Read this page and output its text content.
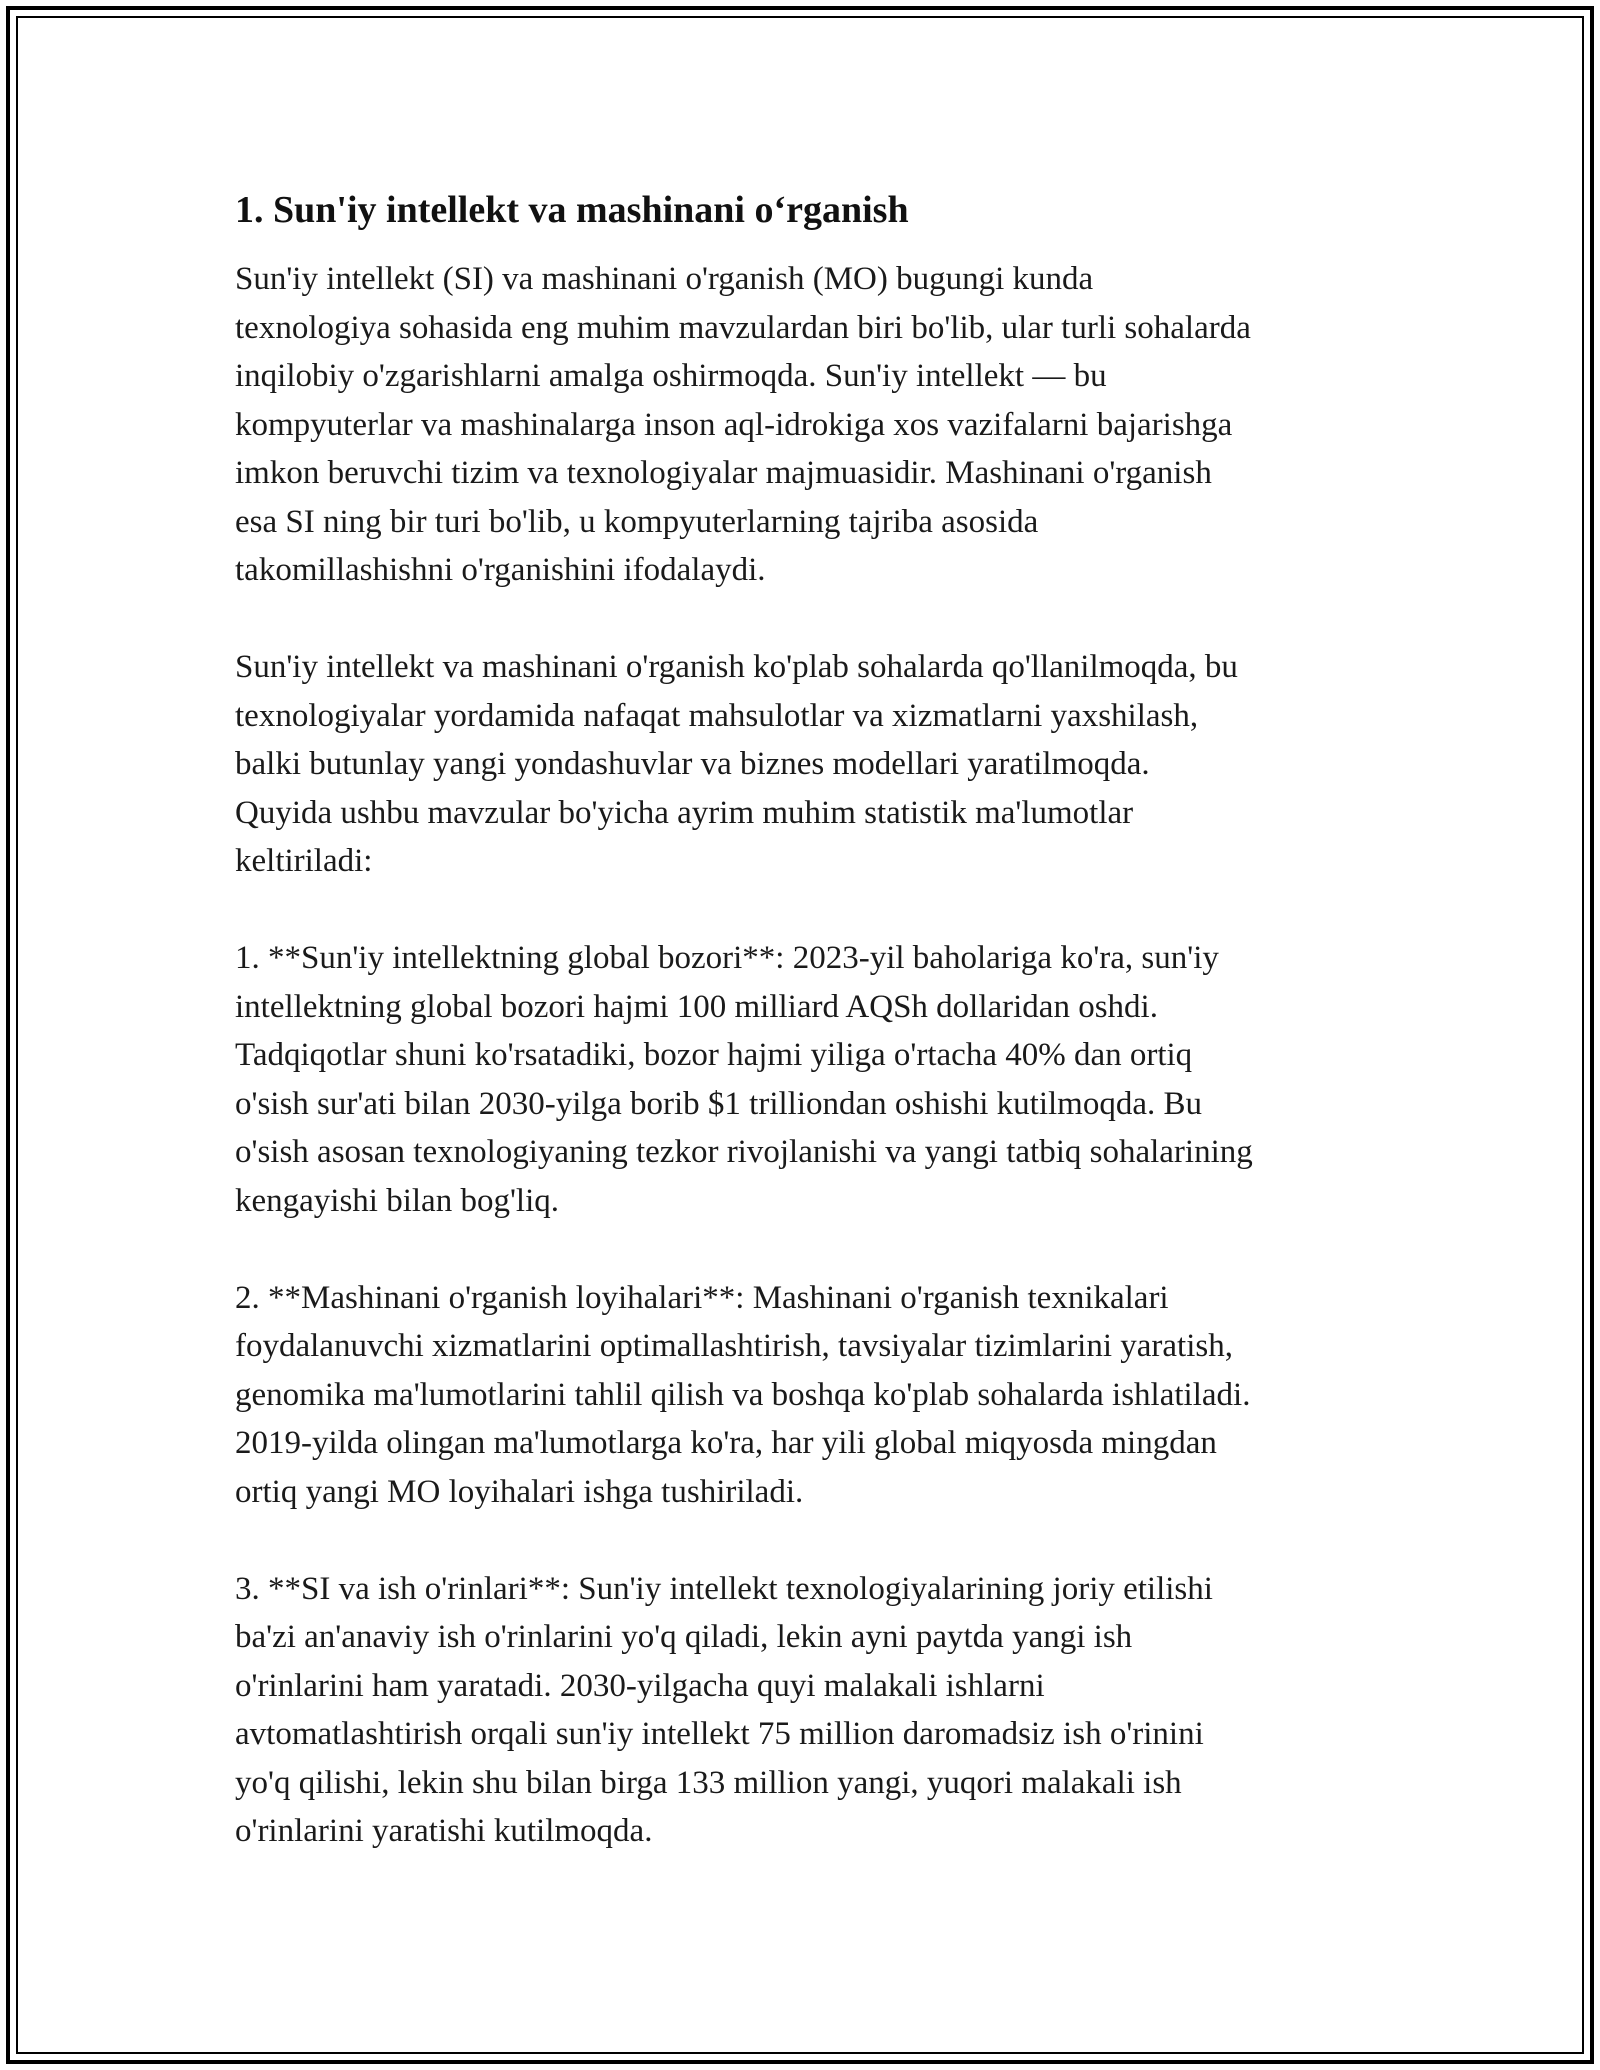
1. Sun'iy intellekt va mashinani o‘rganish

Sun'iy intellekt (SI) va mashinani o'rganish (MO) bugungi kunda
texnologiya sohasida eng muhim mavzulardan biri bo'lib, ular turli sohalarda
inqilobiy o'zgarishlarni amalga oshirmoqda. Sun'iy intellekt — bu
kompyuterlar va mashinalarga inson aql-idrokiga xos vazifalarni bajarishga
imkon beruvchi tizim va texnologiyalar majmuasidir. Mashinani o'rganish
esa SI ning bir turi bo'lib, u kompyuterlarning tajriba asosida
takomillashishni o'rganishini ifodalaydi.

Sun'iy intellekt va mashinani o'rganish ko'plab sohalarda qo'llanilmoqda, bu
texnologiyalar yordamida nafaqat mahsulotlar va xizmatlarni yaxshilash,
balki butunlay yangi yondashuvlar va biznes modellari yaratilmoqda.
Quyida ushbu mavzular bo'yicha ayrim muhim statistik ma'lumotlar
keltiriladi:

1. **Sun'iy intellektning global bozori**: 2023-yil baholariga ko'ra, sun'iy
intellektning global bozori hajmi 100 milliard AQSh dollaridan oshdi.
Tadqiqotlar shuni ko'rsatadiki, bozor hajmi yiliga o'rtacha 40% dan ortiq
o'sish sur'ati bilan 2030-yilga borib $1 trilliondan oshishi kutilmoqda. Bu
o'sish asosan texnologiyaning tezkor rivojlanishi va yangi tatbiq sohalarining
kengayishi bilan bog'liq.

2. **Mashinani o'rganish loyihalari**: Mashinani o'rganish texnikalari
foydalanuvchi xizmatlarini optimallashtirish, tavsiyalar tizimlarini yaratish,
genomika ma'lumotlarini tahlil qilish va boshqa ko'plab sohalarda ishlatiladi.
2019-yilda olingan ma'lumotlarga ko'ra, har yili global miqyosda mingdan
ortiq yangi MO loyihalari ishga tushiriladi.

3. **SI va ish o'rinlari**: Sun'iy intellekt texnologiyalarining joriy etilishi
ba'zi an'anaviy ish o'rinlarini yo'q qiladi, lekin ayni paytda yangi ish
o'rinlarini ham yaratadi. 2030-yilgacha quyi malakali ishlarni
avtomatlashtirish orqali sun'iy intellekt 75 million daromadsiz ish o'rinini
yo'q qilishi, lekin shu bilan birga 133 million yangi, yuqori malakali ish
o'rinlarini yaratishi kutilmoqda.
